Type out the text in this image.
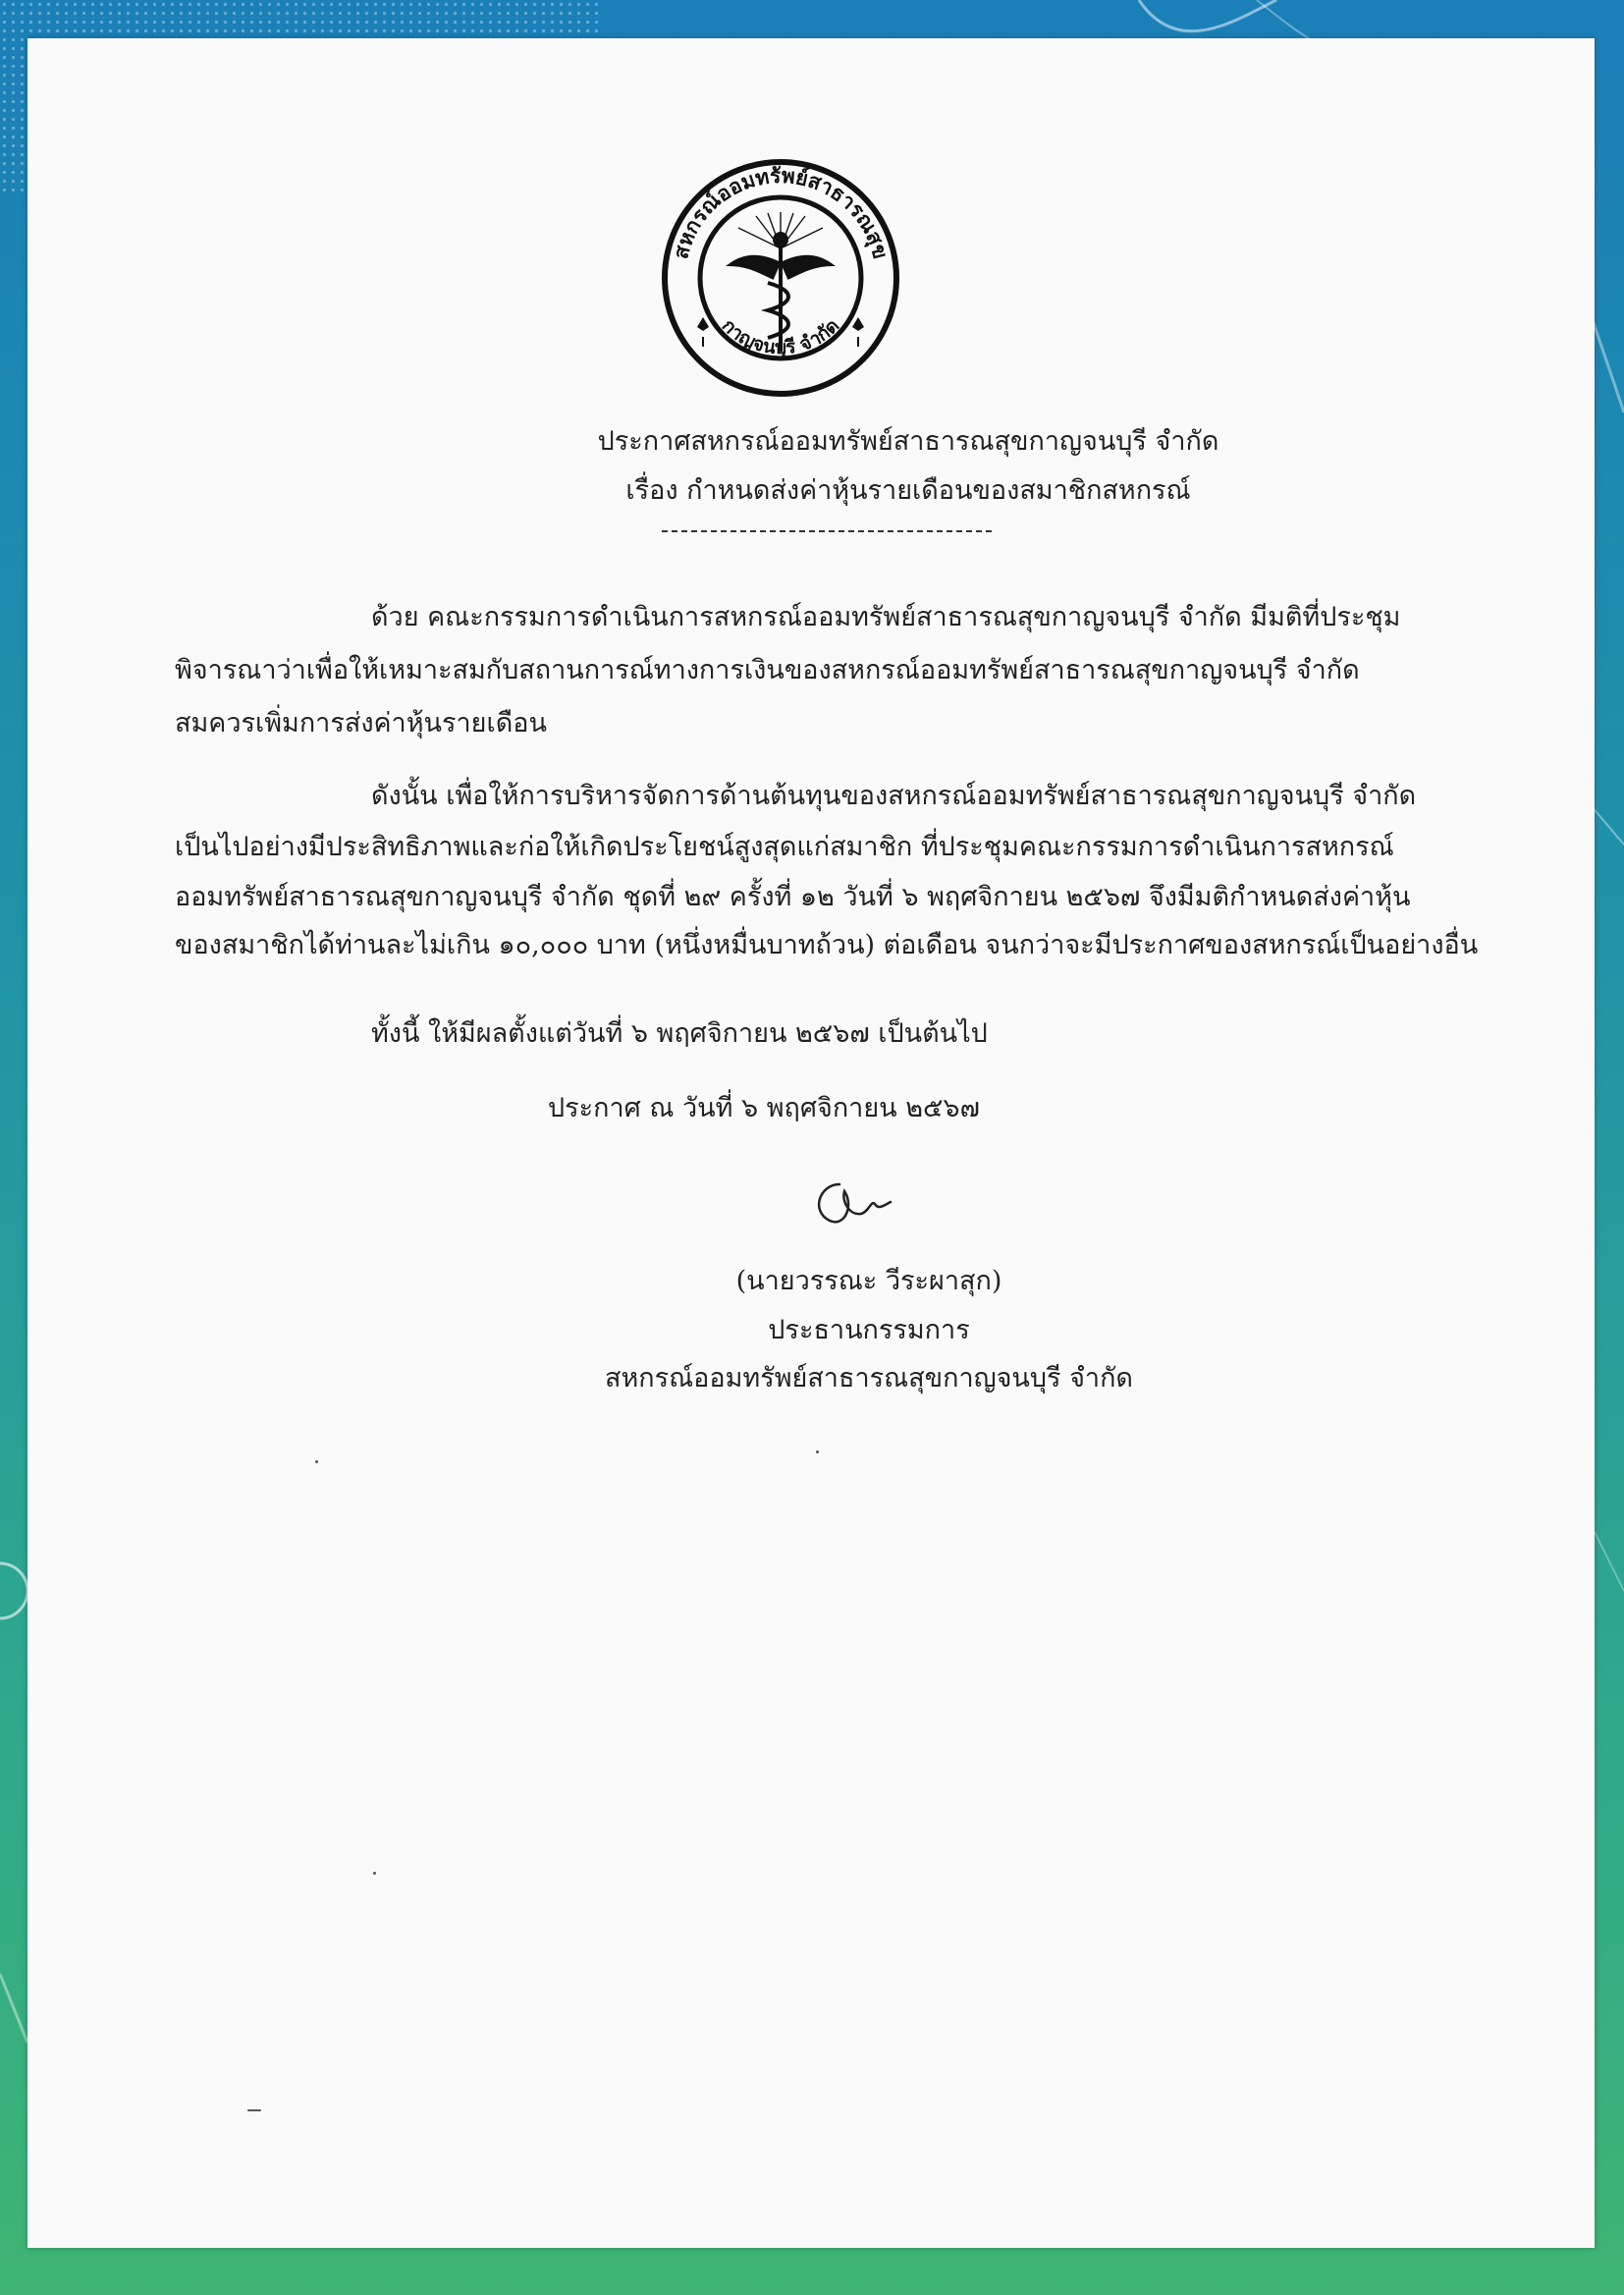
สหกรณ์ออมทรัพย์สาธารณสุข
กาญจนบุรี จำกัด
ประกาศสหกรณ์ออมทรัพย์สาธารณสุขกาญจนบุรี จำกัด
เรื่อง กำหนดส่งค่าหุ้นรายเดือนของสมาชิกสหกรณ์
ด้วย คณะกรรมการดำเนินการสหกรณ์ออมทรัพย์สาธารณสุขกาญจนบุรี จำกัด มีมติที่ประชุม
พิจารณาว่าเพื่อให้เหมาะสมกับสถานการณ์ทางการเงินของสหกรณ์ออมทรัพย์สาธารณสุขกาญจนบุรี จำกัด
สมควรเพิ่มการส่งค่าหุ้นรายเดือน
ดังนั้น เพื่อให้การบริหารจัดการด้านต้นทุนของสหกรณ์ออมทรัพย์สาธารณสุขกาญจนบุรี จำกัด
เป็นไปอย่างมีประสิทธิภาพและก่อให้เกิดประโยชน์สูงสุดแก่สมาชิก ที่ประชุมคณะกรรมการดำเนินการสหกรณ์
ออมทรัพย์สาธารณสุขกาญจนบุรี จำกัด ชุดที่ ๒๙ ครั้งที่ ๑๒ วันที่ ๖ พฤศจิกายน ๒๕๖๗ จึงมีมติกำหนดส่งค่าหุ้น
ของสมาชิกได้ท่านละไม่เกิน ๑๐,๐๐๐ บาท (หนึ่งหมื่นบาทถ้วน) ต่อเดือน จนกว่าจะมีประกาศของสหกรณ์เป็นอย่างอื่น
ทั้งนี้ ให้มีผลตั้งแต่วันที่ ๖ พฤศจิกายน ๒๕๖๗ เป็นต้นไป
ประกาศ ณ วันที่ ๖ พฤศจิกายน ๒๕๖๗
(นายวรรณะ วีระผาสุก)
ประธานกรรมการ
สหกรณ์ออมทรัพย์สาธารณสุขกาญจนบุรี จำกัด
